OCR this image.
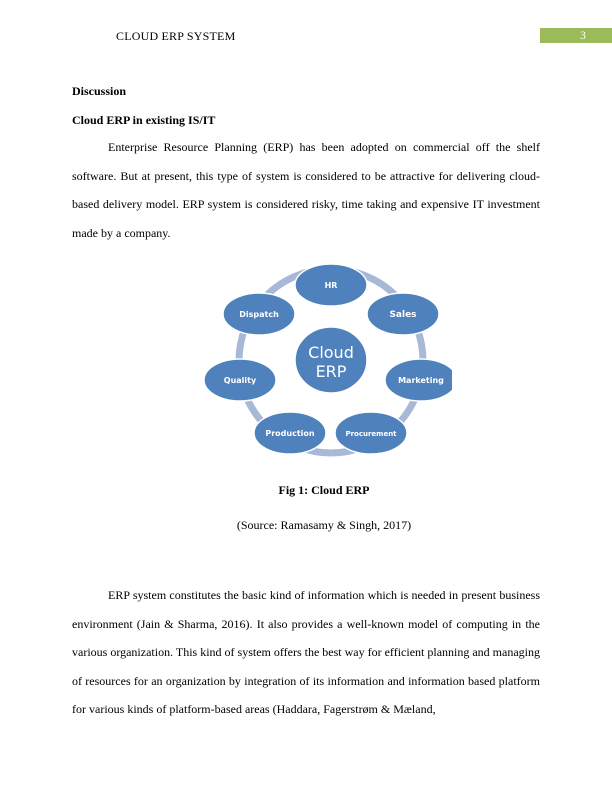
CLOUD ERP SYSTEM	3
Discussion
Cloud ERP in existing IS/IT

Enterprise Resource Planning (ERP) has been adopted on commercial off the shelf software. But at present, this type of system is considered to be attractive for delivering cloud-based delivery model. ERP system is considered risky, time taking and expensive IT investment made by a company.

Cloud
ERP
HR
Sales
Marketing
Procurement
Production
Quality
Dispatch
Fig 1: Cloud ERP
(Source: Ramasamy & Singh, 2017)

ERP system constitutes the basic kind of information which is needed in present business environment (Jain & Sharma, 2016). It also provides a well-known model of computing in the various organization. This kind of system offers the best way for efficient planning and managing of resources for an organization by integration of its information and information based platform for various kinds of platform-based areas (Haddara, Fagerstrøm & Mæland,
